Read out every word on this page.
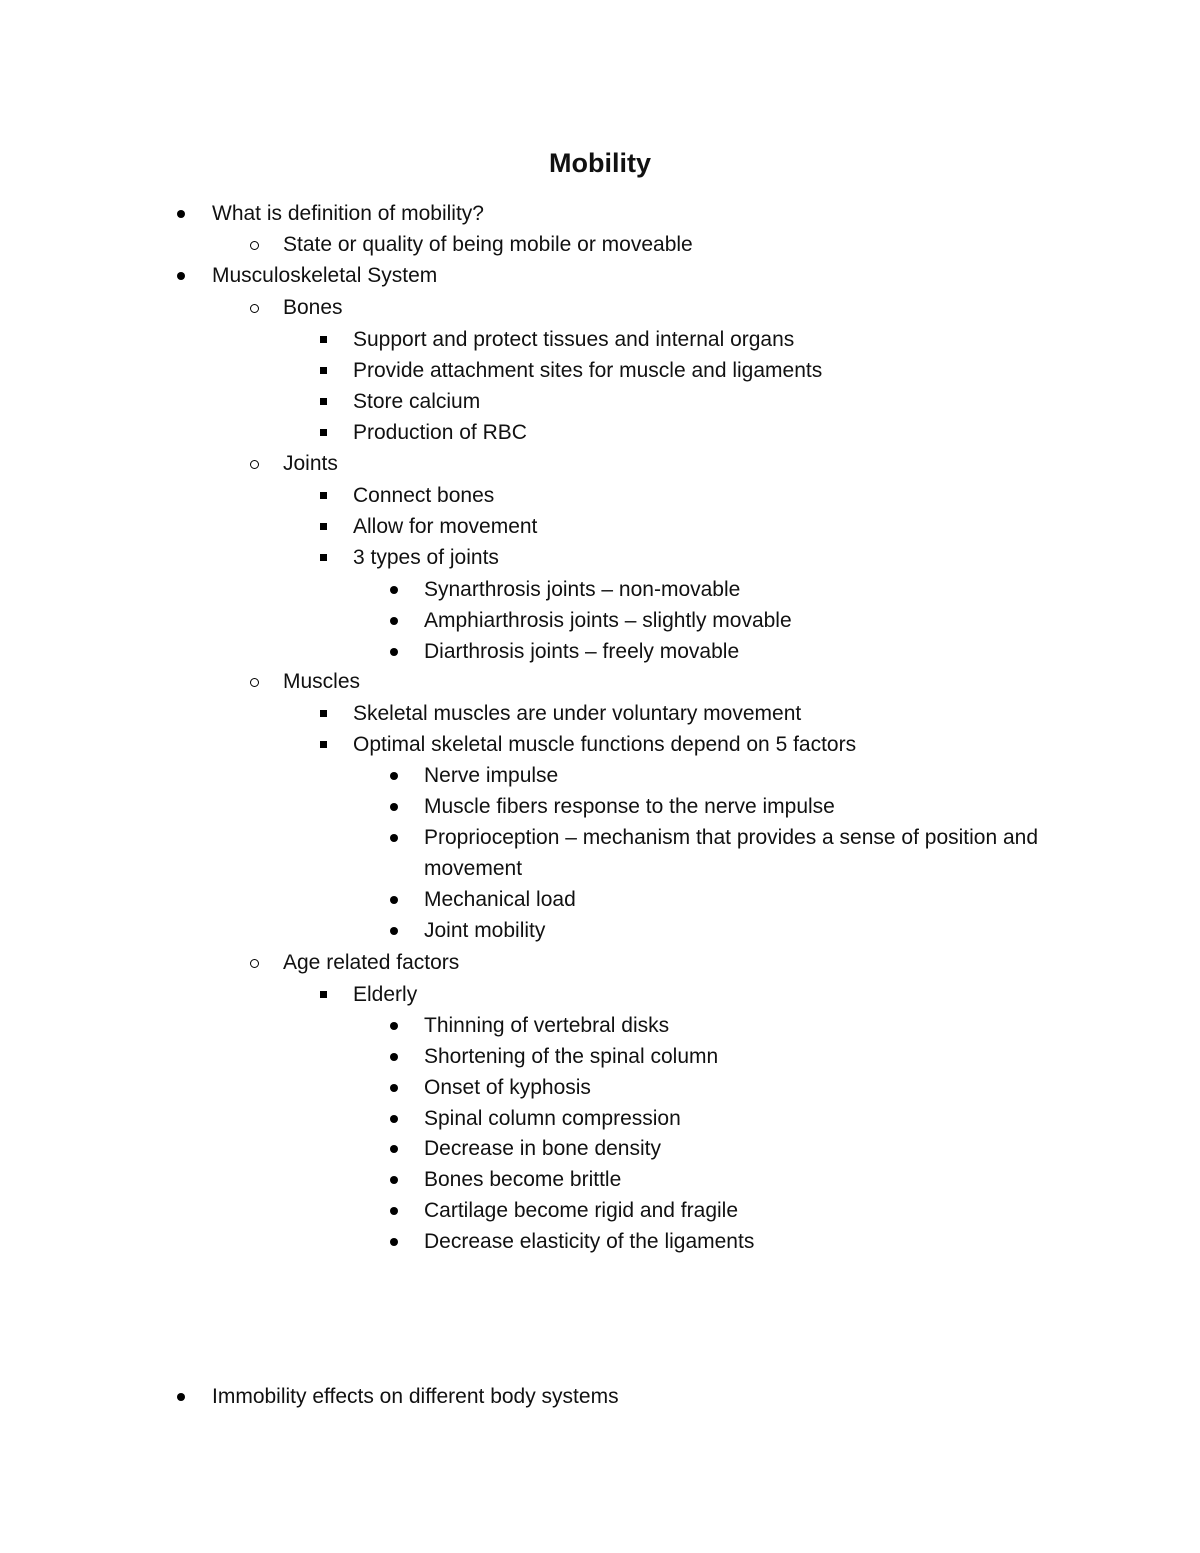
Mobility
What is definition of mobility?
State or quality of being mobile or moveable
Musculoskeletal System
Bones
Support and protect tissues and internal organs
Provide attachment sites for muscle and ligaments
Store calcium
Production of RBC
Joints
Connect bones
Allow for movement
3 types of joints
Synarthrosis joints – non-movable
Amphiarthrosis joints – slightly movable
Diarthrosis joints – freely movable
Muscles
Skeletal muscles are under voluntary movement
Optimal skeletal muscle functions depend on 5 factors
Nerve impulse
Muscle fibers response to the nerve impulse
Proprioception – mechanism that provides a sense of position and movement
Mechanical load
Joint mobility
Age related factors
Elderly
Thinning of vertebral disks
Shortening of the spinal column
Onset of kyphosis
Spinal column compression
Decrease in bone density
Bones become brittle
Cartilage become rigid and fragile
Decrease elasticity of the ligaments
Immobility effects on different body systems
